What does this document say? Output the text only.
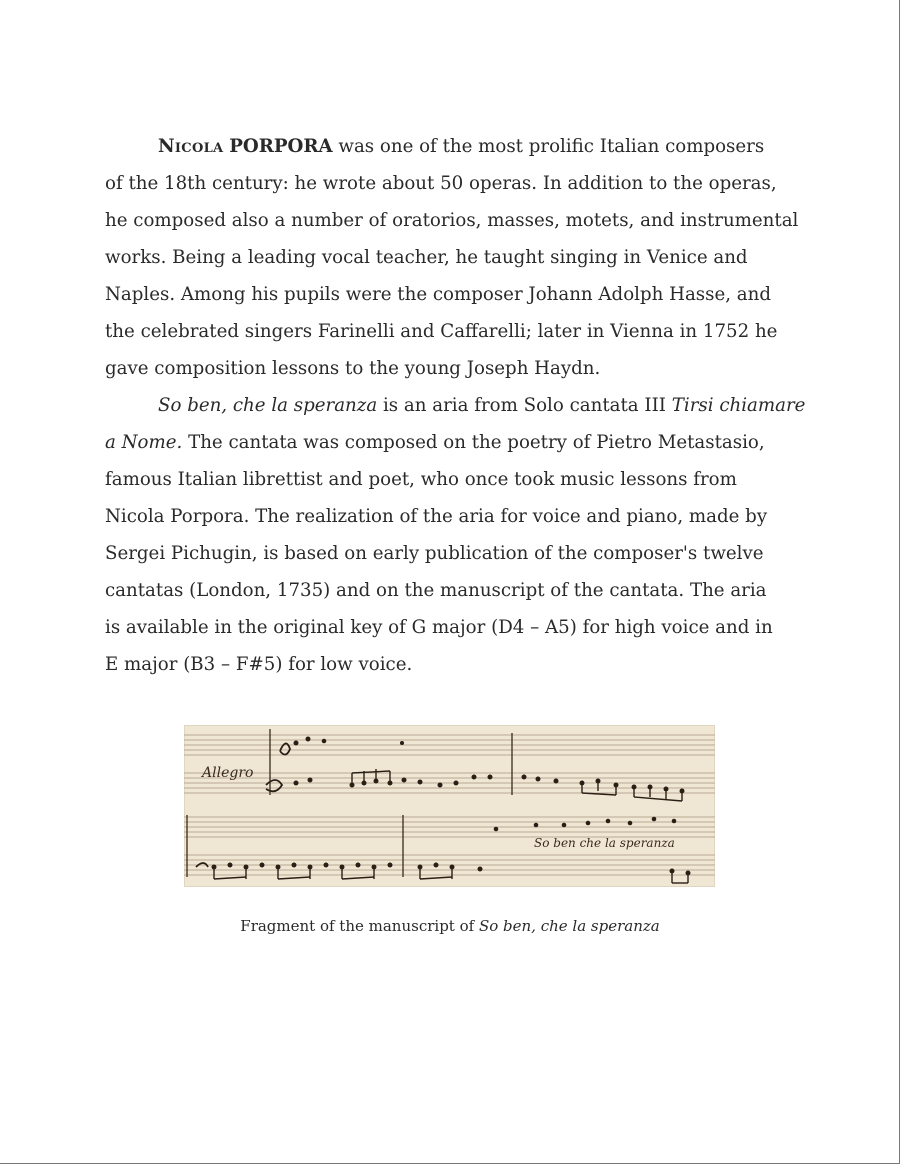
Nicola PORPORA was one of the most prolific Italian composers
of the 18th century: he wrote about 50 operas. In addition to the operas,
he composed also a number of oratorios, masses, motets, and instrumental
works. Being a leading vocal teacher, he taught singing in Venice and
Naples. Among his pupils were the composer Johann Adolph Hasse, and
the celebrated singers Farinelli and Caffarelli; later in Vienna in 1752 he
gave composition lessons to the young Joseph Haydn.

So ben, che la speranza is an aria from Solo cantata III Tirsi chiamare
a Nome. The cantata was composed on the poetry of Pietro Metastasio,
famous Italian librettist and poet, who once took music lessons from
Nicola Porpora. The realization of the aria for voice and piano, made by
Sergei Pichugin, is based on early publication of the composer's twelve
cantatas (London, 1735) and on the manuscript of the cantata. The aria
is available in the original key of G major (D4 – A5) for high voice and in
E major (B3 – F#5) for low voice.

Allegro
So ben che la speranza
Fragment of the manuscript of So ben, che la speranza
